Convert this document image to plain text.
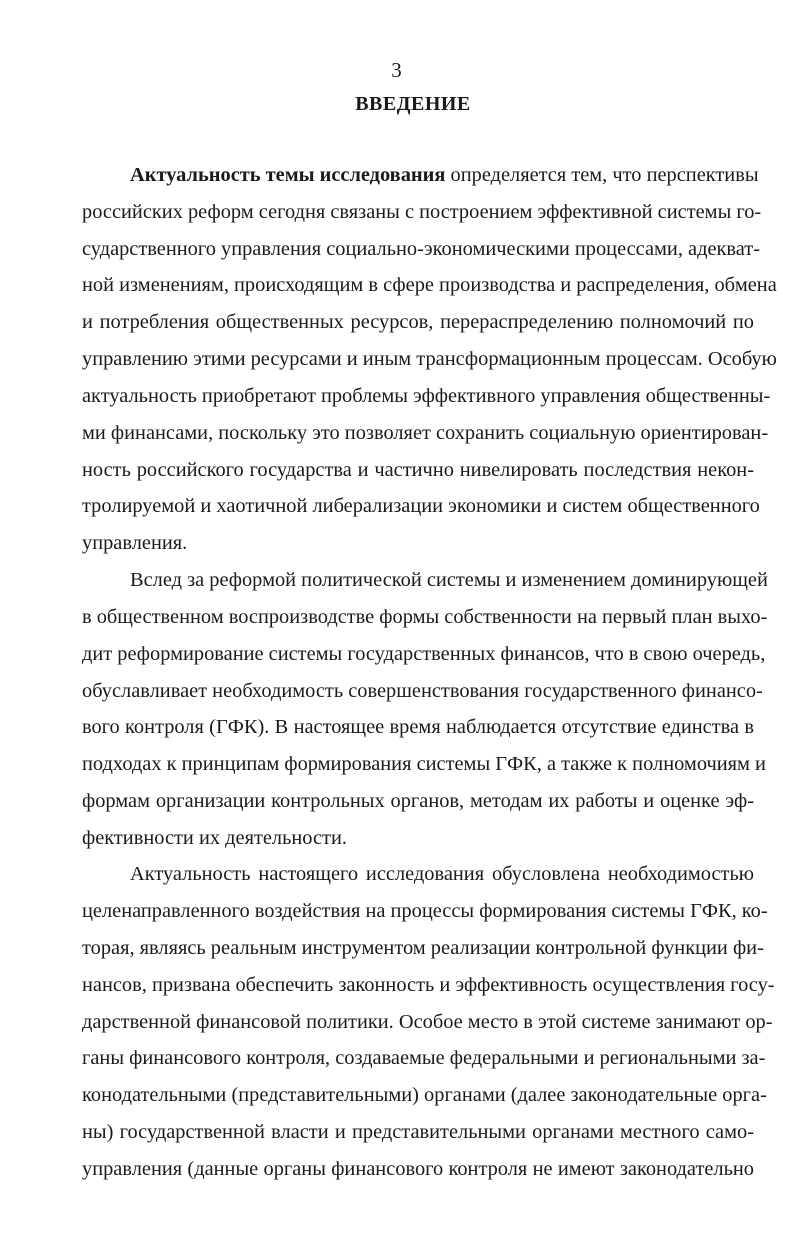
3
ВВЕДЕНИЕ
Актуальность темы исследования определяется тем, что перспективы
российских реформ сегодня связаны с построением эффективной системы го-
сударственного управления социально-экономическими процессами, адекват-
ной изменениям, происходящим в сфере производства и распределения, обмена
и потребления общественных ресурсов, перераспределению полномочий по
управлению этими ресурсами и иным трансформационным процессам. Особую
актуальность приобретают проблемы эффективного управления общественны-
ми финансами, поскольку это позволяет сохранить социальную ориентирован-
ность российского государства и частично нивелировать последствия некон-
тролируемой и хаотичной либерализации экономики и систем общественного
управления.
Вслед за реформой политической системы и изменением доминирующей
в общественном воспроизводстве формы собственности на первый план выхо-
дит реформирование системы государственных финансов, что в свою очередь,
обуславливает необходимость совершенствования государственного финансо-
вого контроля (ГФК). В настоящее время наблюдается отсутствие единства в
подходах к принципам формирования системы ГФК, а также к полномочиям и
формам организации контрольных органов, методам их работы и оценке эф-
фективности их деятельности.
Актуальность настоящего исследования обусловлена необходимостью
целенаправленного воздействия на процессы формирования системы ГФК, ко-
торая, являясь реальным инструментом реализации контрольной функции фи-
нансов, призвана обеспечить законность и эффективность осуществления госу-
дарственной финансовой политики. Особое место в этой системе занимают ор-
ганы финансового контроля, создаваемые федеральными и региональными за-
конодательными (представительными) органами (далее законодательные орга-
ны) государственной власти и представительными органами местного само-
управления (данные органы финансового контроля не имеют законодательно
